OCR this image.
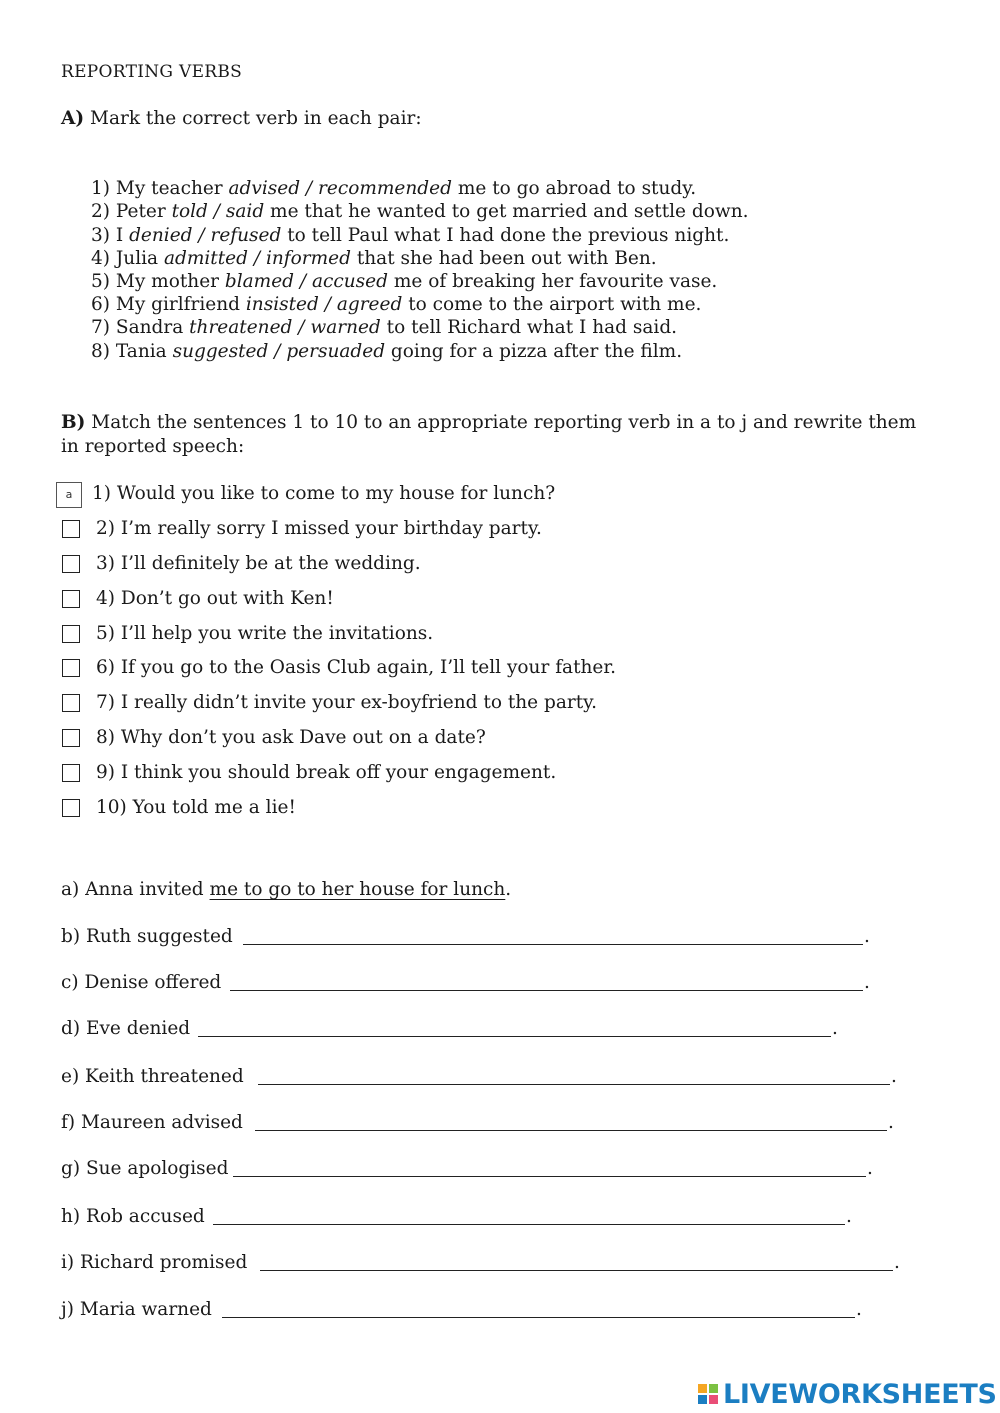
REPORTING VERBS
A) Mark the correct verb in each pair:
1) My teacher advised / recommended me to go abroad to study.
2) Peter told / said me that he wanted to get married and settle down.
3) I denied / refused to tell Paul what I had done the previous night.
4) Julia admitted / informed that she had been out with Ben.
5) My mother blamed / accused me of breaking her favourite vase.
6) My girlfriend insisted / agreed to come to the airport with me.
7) Sandra threatened / warned to tell Richard what I had said.
8) Tania suggested / persuaded going for a pizza after the film.
B) Match the sentences 1 to 10 to an appropriate reporting verb in a to j and rewrite them
in reported speech:
a	1) Would you like to come to my house for lunch?
2) I’m really sorry I missed your birthday party.
3) I’ll definitely be at the wedding.
4) Don’t go out with Ken!
5) I’ll help you write the invitations.
6) If you go to the Oasis Club again, I’ll tell your father.
7) I really didn’t invite your ex-boyfriend to the party.
8) Why don’t you ask Dave out on a date?
9) I think you should break off your engagement.
10) You told me a lie!
a) Anna invited me to go to her house for lunch.
b) Ruth suggested	.
c) Denise offered	.
d) Eve denied	.
e) Keith threatened	.
f) Maureen advised	.
g) Sue apologised	.
h) Rob accused	.
i) Richard promised	.
j) Maria warned	.
LIVEWORKSHEETS
